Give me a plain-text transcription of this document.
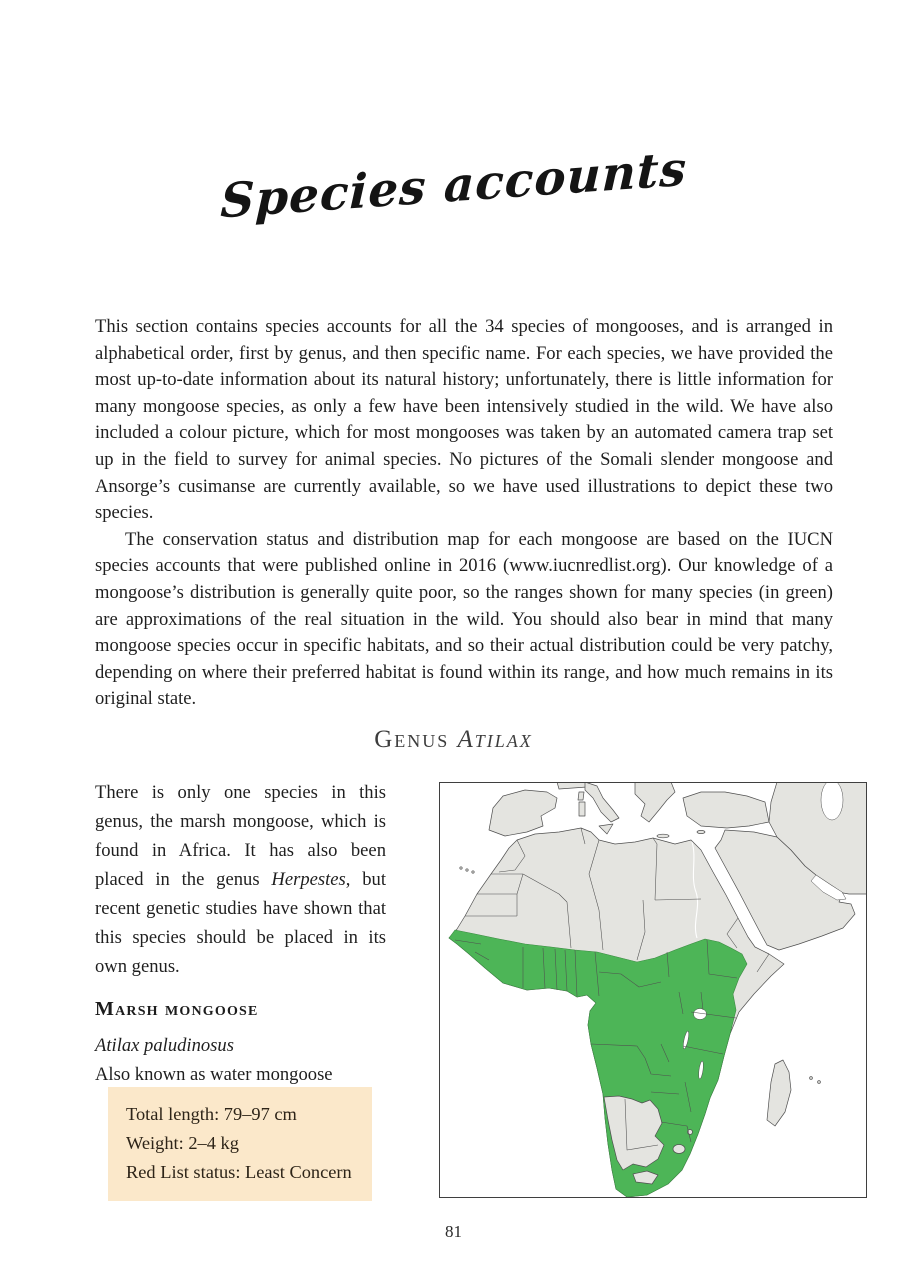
Species accounts

This section contains species accounts for all the 34 species of mongooses, and is arranged in alphabetical order, first by genus, and then specific name. For each species, we have provided the most up-to-date information about its natural history; unfortunately, there is little information for many mongoose species, as only a few have been intensively studied in the wild. We have also included a colour picture, which for most mongooses was taken by an automated camera trap set up in the field to survey for animal species. No pictures of the Somali slender mongoose and Ansorge’s cusimanse are currently available, so we have used illustrations to depict these two species.

The conservation status and distribution map for each mongoose are based on the IUCN species accounts that were published online in 2016 (www.iucnredlist.org). Our knowledge of a mongoose’s distribution is generally quite poor, so the ranges shown for many species (in green) are approximations of the real situation in the wild. You should also bear in mind that many mongoose species occur in specific habitats, and so their actual distribution could be very patchy, depending on where their preferred habitat is found within its range, and how much remains in its original state.

Genus Atilax

There is only one species in this genus, the marsh mongoose, which is found in Africa. It has also been placed in the genus Herpestes, but recent genetic studies have shown that this species should be placed in its own genus.

Marsh mongoose

Atilax paludinosus

Also known as water mongoose

Total length: 79–97 cm
Weight: 2–4 kg
Red List status: Least Concern
81
